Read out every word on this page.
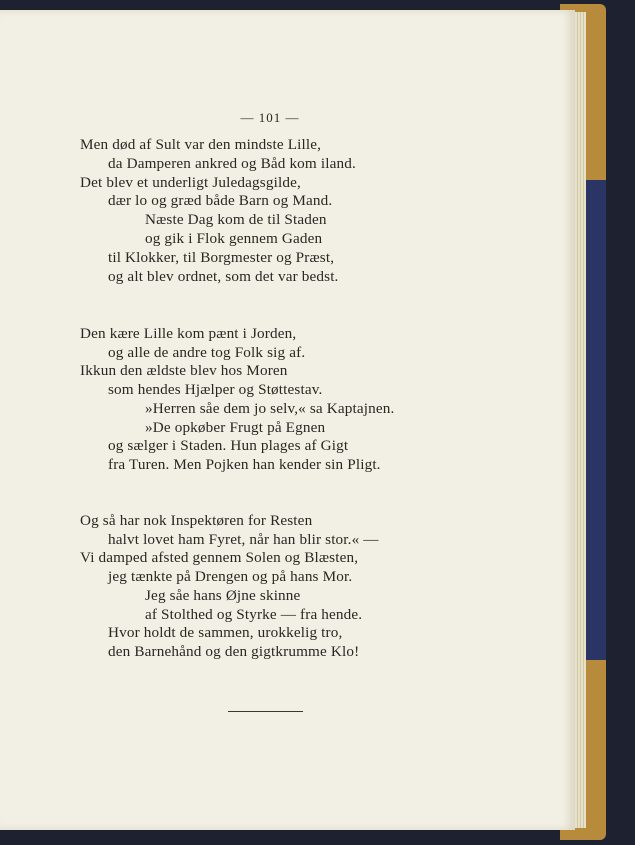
— 101 —
Men død af Sult var den mindste Lille,
da Damperen ankred og Båd kom iland.
Det blev et underligt Juledagsgilde,
dær lo og græd både Barn og Mand.
Næste Dag kom de til Staden
og gik i Flok gennem Gaden
til Klokker, til Borgmester og Præst,
og alt blev ordnet, som det var bedst.
Den kære Lille kom pænt i Jorden,
og alle de andre tog Folk sig af.
Ikkun den ældste blev hos Moren
som hendes Hjælper og Støttestav.
»Herren såe dem jo selv,« sa Kaptajnen.
»De opkøber Frugt på Egnen
og sælger i Staden. Hun plages af Gigt
fra Turen. Men Pojken han kender sin Pligt.
Og så har nok Inspektøren for Resten
halvt lovet ham Fyret, når han blir stor.« —
Vi damped afsted gennem Solen og Blæsten,
jeg tænkte på Drengen og på hans Mor.
Jeg såe hans Øjne skinne
af Stolthed og Styrke — fra hende.
Hvor holdt de sammen, urokkelig tro,
den Barnehånd og den gigtkrumme Klo!
